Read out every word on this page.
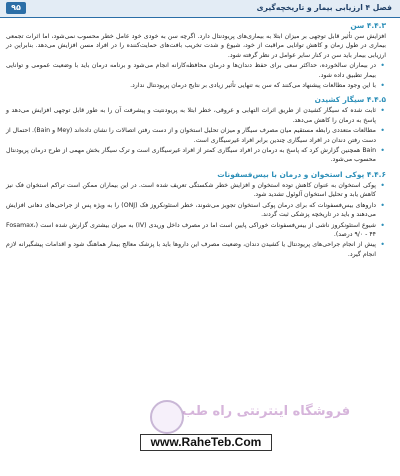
۹۵	فصل ۴ ارزیابی بیمار و تاریخچه‌گیری
۴.۴.۳ سن
افزایش سن تأثیر قابل توجهی بر میزان ابتلا به بیماری‌های پریودنتال دارد. اگرچه سن به خودی خود عامل خطر محسوب نمی‌شود، اما اثرات تجمعی بیماری در طول زمان و کاهش توانایی مراقبت از خود، شیوع و شدت تخریب بافت‌های حمایت‌کننده را در افراد مسن افزایش می‌دهد. بنابراین در ارزیابی بیمار باید سن در کنار سایر عوامل در نظر گرفته شود.
•
در بیماران سالخورده، حداکثر سعی برای حفظ دندان‌ها و درمان محافظه‌کارانه انجام می‌شود و برنامه درمان باید با وضعیت عمومی و توانایی بیمار تطبیق داده شود.
•
با این وجود مطالعات پیشنهاد می‌کنند که سن به تنهایی تأثیر زیادی بر نتایج درمان پریودنتال ندارد.
۴.۴.۵ سیگار کشیدن
•
ثابت شده که سیگار کشیدن از طریق اثرات التهابی و عروقی، خطر ابتلا به پریودنتیت و پیشرفت آن را به طور قابل توجهی افزایش می‌دهد و پاسخ به درمان را کاهش می‌دهد.
•
مطالعات متعددی رابطه مستقیم میان مصرف سیگار و میزان تحلیل استخوان و از دست رفتن اتصالات را نشان داده‌اند (Mey و Bain). احتمال از دست رفتن دندان در افراد سیگاری چندین برابر افراد غیرسیگاری است.
•
Bain همچنین گزارش کرد که پاسخ به درمان در افراد سیگاری کمتر از افراد غیرسیگاری است و ترک سیگار بخش مهمی از طرح درمان پریودنتال محسوب می‌شود.
۴.۴.۶ پوکی استخوان و درمان با بیس‌فسفونات
•
پوکی استخوان به عنوان کاهش توده استخوان و افزایش خطر شکستگی تعریف شده است. در این بیماران ممکن است تراکم استخوان فک نیز کاهش یابد و تحلیل استخوان آلوئول تشدید شود.
•
داروهای بیس‌فسفونات که برای درمان پوکی استخوان تجویز می‌شوند، خطر استئونکروز فک (ONJ) را به ویژه پس از جراحی‌های دهانی افزایش می‌دهند و باید در تاریخچه پزشکی ثبت گردند.
•
شیوع استئونکروز ناشی از بیس‌فسفونات خوراکی پایین است اما در مصرف داخل وریدی (IV) به میزان بیشتری گزارش شده است (Fosamax، ۹/۰ - ۴۴ درصد).
•
پیش از انجام جراحی‌های پریودنتال یا کشیدن دندان، وضعیت مصرف این داروها باید با پزشک معالج بیمار هماهنگ شود و اقدامات پیشگیرانه لازم انجام گیرد.
فروشگاه اینترنتی راه طب
www.RaheTeb.Com
